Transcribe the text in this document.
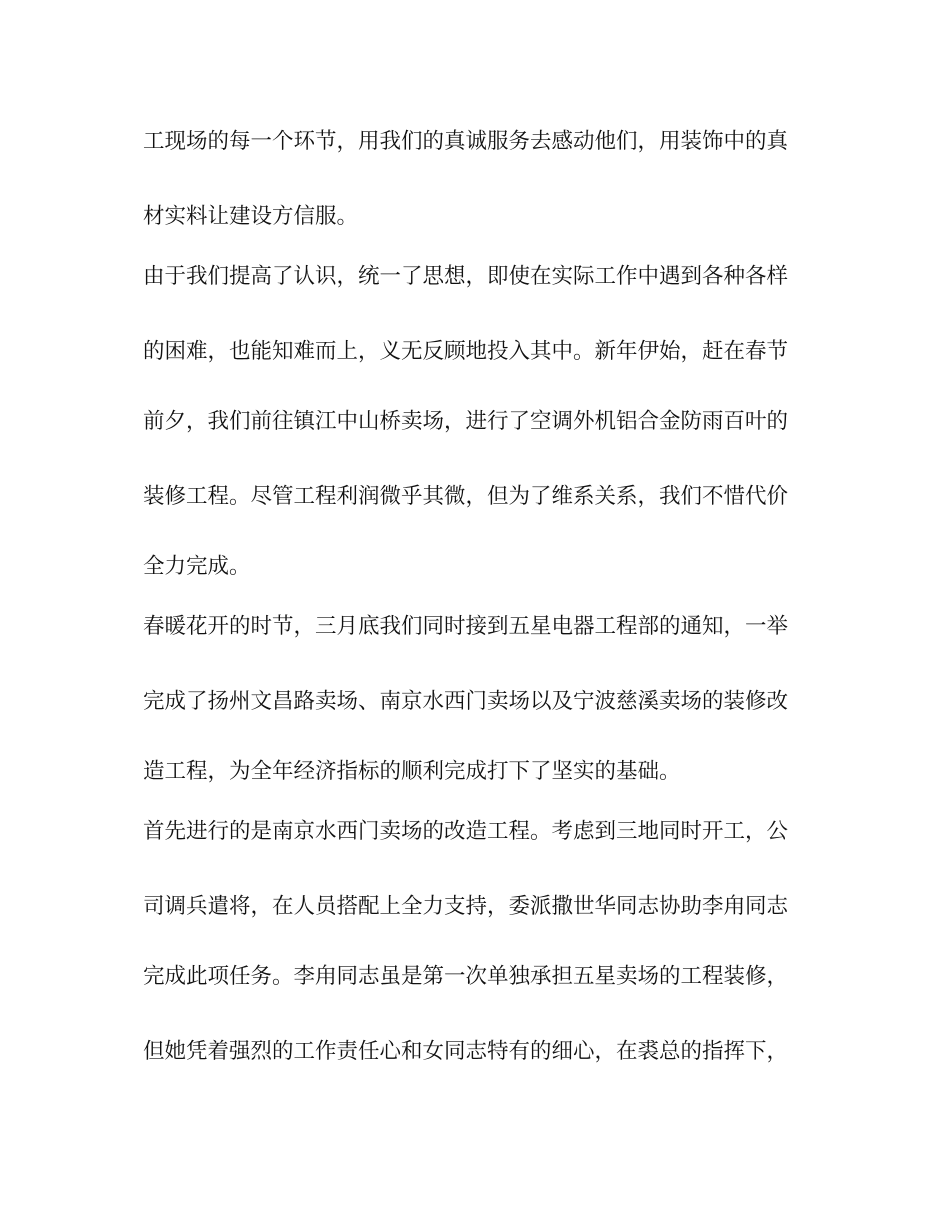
工现场的每一个环节，用我们的真诚服务去感动他们，用装饰中的真
材实料让建设方信服。
由于我们提高了认识，统一了思想，即使在实际工作中遇到各种各样
的困难，也能知难而上，义无反顾地投入其中。新年伊始，赶在春节
前夕，我们前往镇江中山桥卖场，进行了空调外机铝合金防雨百叶的
装修工程。尽管工程利润微乎其微，但为了维系关系，我们不惜代价
全力完成。
春暖花开的时节，三月底我们同时接到五星电器工程部的通知，一举
完成了扬州文昌路卖场、南京水西门卖场以及宁波慈溪卖场的装修改
造工程，为全年经济指标的顺利完成打下了坚实的基础。
首先进行的是南京水西门卖场的改造工程。考虑到三地同时开工，公
司调兵遣将，在人员搭配上全力支持，委派撒世华同志协助李甪同志
完成此项任务。李甪同志虽是第一次单独承担五星卖场的工程装修，
但她凭着强烈的工作责任心和女同志特有的细心，在裘总的指挥下，
